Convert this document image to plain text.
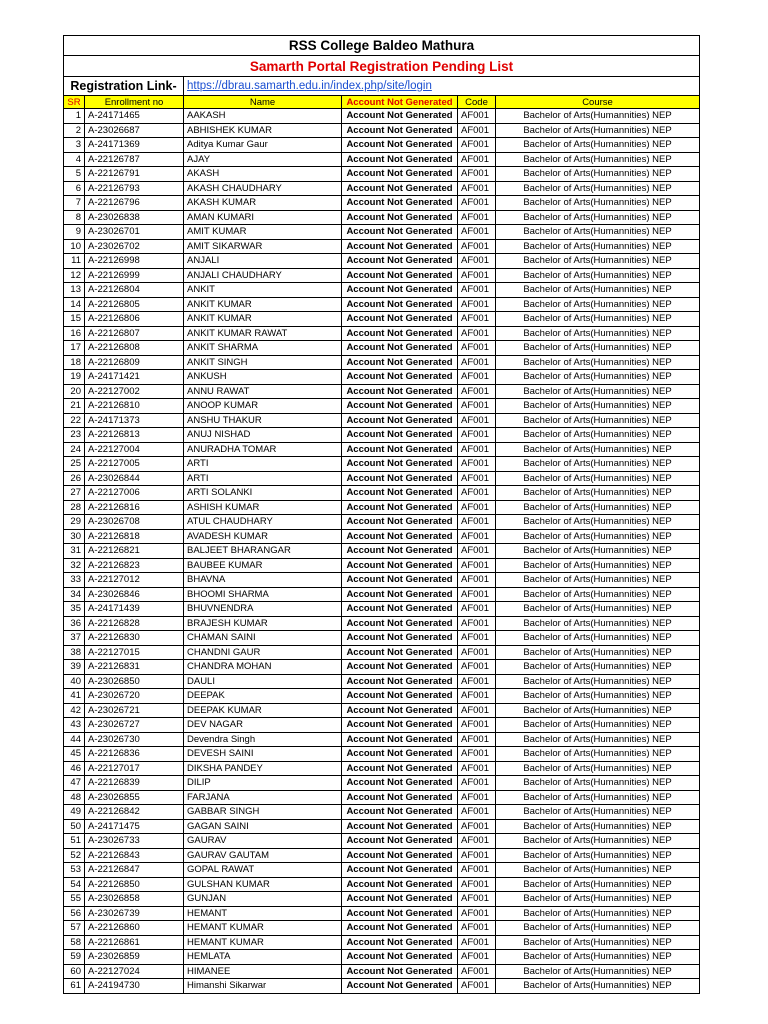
RSS College Baldeo Mathura					
Samarth Portal Registration Pending List					
Registration Link-		https://dbrau.samarth.edu.in/index.php/site/login			
SR	Enrollment no	Name	Account Not Generated	Code	Course
1	A-24171465	AAKASH	Account Not Generated	AF001	Bachelor of Arts(Humannities) NEP
2	A-23026687	ABHISHEK KUMAR	Account Not Generated	AF001	Bachelor of Arts(Humannities) NEP
3	A-24171369	Aditya Kumar Gaur	Account Not Generated	AF001	Bachelor of Arts(Humannities) NEP
4	A-22126787	AJAY	Account Not Generated	AF001	Bachelor of Arts(Humannities) NEP
5	A-22126791	AKASH	Account Not Generated	AF001	Bachelor of Arts(Humannities) NEP
6	A-22126793	AKASH CHAUDHARY	Account Not Generated	AF001	Bachelor of Arts(Humannities) NEP
7	A-22126796	AKASH KUMAR	Account Not Generated	AF001	Bachelor of Arts(Humannities) NEP
8	A-23026838	AMAN KUMARI	Account Not Generated	AF001	Bachelor of Arts(Humannities) NEP
9	A-23026701	AMIT KUMAR	Account Not Generated	AF001	Bachelor of Arts(Humannities) NEP
10	A-23026702	AMIT SIKARWAR	Account Not Generated	AF001	Bachelor of Arts(Humannities) NEP
11	A-22126998	ANJALI	Account Not Generated	AF001	Bachelor of Arts(Humannities) NEP
12	A-22126999	ANJALI CHAUDHARY	Account Not Generated	AF001	Bachelor of Arts(Humannities) NEP
13	A-22126804	ANKIT	Account Not Generated	AF001	Bachelor of Arts(Humannities) NEP
14	A-22126805	ANKIT KUMAR	Account Not Generated	AF001	Bachelor of Arts(Humannities) NEP
15	A-22126806	ANKIT KUMAR	Account Not Generated	AF001	Bachelor of Arts(Humannities) NEP
16	A-22126807	ANKIT KUMAR RAWAT	Account Not Generated	AF001	Bachelor of Arts(Humannities) NEP
17	A-22126808	ANKIT SHARMA	Account Not Generated	AF001	Bachelor of Arts(Humannities) NEP
18	A-22126809	ANKIT SINGH	Account Not Generated	AF001	Bachelor of Arts(Humannities) NEP
19	A-24171421	ANKUSH	Account Not Generated	AF001	Bachelor of Arts(Humannities) NEP
20	A-22127002	ANNU RAWAT	Account Not Generated	AF001	Bachelor of Arts(Humannities) NEP
21	A-22126810	ANOOP KUMAR	Account Not Generated	AF001	Bachelor of Arts(Humannities) NEP
22	A-24171373	ANSHU THAKUR	Account Not Generated	AF001	Bachelor of Arts(Humannities) NEP
23	A-22126813	ANUJ NISHAD	Account Not Generated	AF001	Bachelor of Arts(Humannities) NEP
24	A-22127004	ANURADHA TOMAR	Account Not Generated	AF001	Bachelor of Arts(Humannities) NEP
25	A-22127005	ARTI	Account Not Generated	AF001	Bachelor of Arts(Humannities) NEP
26	A-23026844	ARTI	Account Not Generated	AF001	Bachelor of Arts(Humannities) NEP
27	A-22127006	ARTI SOLANKI	Account Not Generated	AF001	Bachelor of Arts(Humannities) NEP
28	A-22126816	ASHISH KUMAR	Account Not Generated	AF001	Bachelor of Arts(Humannities) NEP
29	A-23026708	ATUL CHAUDHARY	Account Not Generated	AF001	Bachelor of Arts(Humannities) NEP
30	A-22126818	AVADESH KUMAR	Account Not Generated	AF001	Bachelor of Arts(Humannities) NEP
31	A-22126821	BALJEET BHARANGAR	Account Not Generated	AF001	Bachelor of Arts(Humannities) NEP
32	A-22126823	BAUBEE KUMAR	Account Not Generated	AF001	Bachelor of Arts(Humannities) NEP
33	A-22127012	BHAVNA	Account Not Generated	AF001	Bachelor of Arts(Humannities) NEP
34	A-23026846	BHOOMI SHARMA	Account Not Generated	AF001	Bachelor of Arts(Humannities) NEP
35	A-24171439	BHUVNENDRA	Account Not Generated	AF001	Bachelor of Arts(Humannities) NEP
36	A-22126828	BRAJESH KUMAR	Account Not Generated	AF001	Bachelor of Arts(Humannities) NEP
37	A-22126830	CHAMAN SAINI	Account Not Generated	AF001	Bachelor of Arts(Humannities) NEP
38	A-22127015	CHANDNI GAUR	Account Not Generated	AF001	Bachelor of Arts(Humannities) NEP
39	A-22126831	CHANDRA MOHAN	Account Not Generated	AF001	Bachelor of Arts(Humannities) NEP
40	A-23026850	DAULI	Account Not Generated	AF001	Bachelor of Arts(Humannities) NEP
41	A-23026720	DEEPAK	Account Not Generated	AF001	Bachelor of Arts(Humannities) NEP
42	A-23026721	DEEPAK KUMAR	Account Not Generated	AF001	Bachelor of Arts(Humannities) NEP
43	A-23026727	DEV NAGAR	Account Not Generated	AF001	Bachelor of Arts(Humannities) NEP
44	A-23026730	Devendra Singh	Account Not Generated	AF001	Bachelor of Arts(Humannities) NEP
45	A-22126836	DEVESH SAINI	Account Not Generated	AF001	Bachelor of Arts(Humannities) NEP
46	A-22127017	DIKSHA PANDEY	Account Not Generated	AF001	Bachelor of Arts(Humannities) NEP
47	A-22126839	DILIP	Account Not Generated	AF001	Bachelor of Arts(Humannities) NEP
48	A-23026855	FARJANA	Account Not Generated	AF001	Bachelor of Arts(Humannities) NEP
49	A-22126842	GABBAR SINGH	Account Not Generated	AF001	Bachelor of Arts(Humannities) NEP
50	A-24171475	GAGAN SAINI	Account Not Generated	AF001	Bachelor of Arts(Humannities) NEP
51	A-23026733	GAURAV	Account Not Generated	AF001	Bachelor of Arts(Humannities) NEP
52	A-22126843	GAURAV GAUTAM	Account Not Generated	AF001	Bachelor of Arts(Humannities) NEP
53	A-22126847	GOPAL RAWAT	Account Not Generated	AF001	Bachelor of Arts(Humannities) NEP
54	A-22126850	GULSHAN KUMAR	Account Not Generated	AF001	Bachelor of Arts(Humannities) NEP
55	A-23026858	GUNJAN	Account Not Generated	AF001	Bachelor of Arts(Humannities) NEP
56	A-23026739	HEMANT	Account Not Generated	AF001	Bachelor of Arts(Humannities) NEP
57	A-22126860	HEMANT KUMAR	Account Not Generated	AF001	Bachelor of Arts(Humannities) NEP
58	A-22126861	HEMANT KUMAR	Account Not Generated	AF001	Bachelor of Arts(Humannities) NEP
59	A-23026859	HEMLATA	Account Not Generated	AF001	Bachelor of Arts(Humannities) NEP
60	A-22127024	HIMANEE	Account Not Generated	AF001	Bachelor of Arts(Humannities) NEP
61	A-24194730	Himanshi Sikarwar	Account Not Generated	AF001	Bachelor of Arts(Humannities) NEP
